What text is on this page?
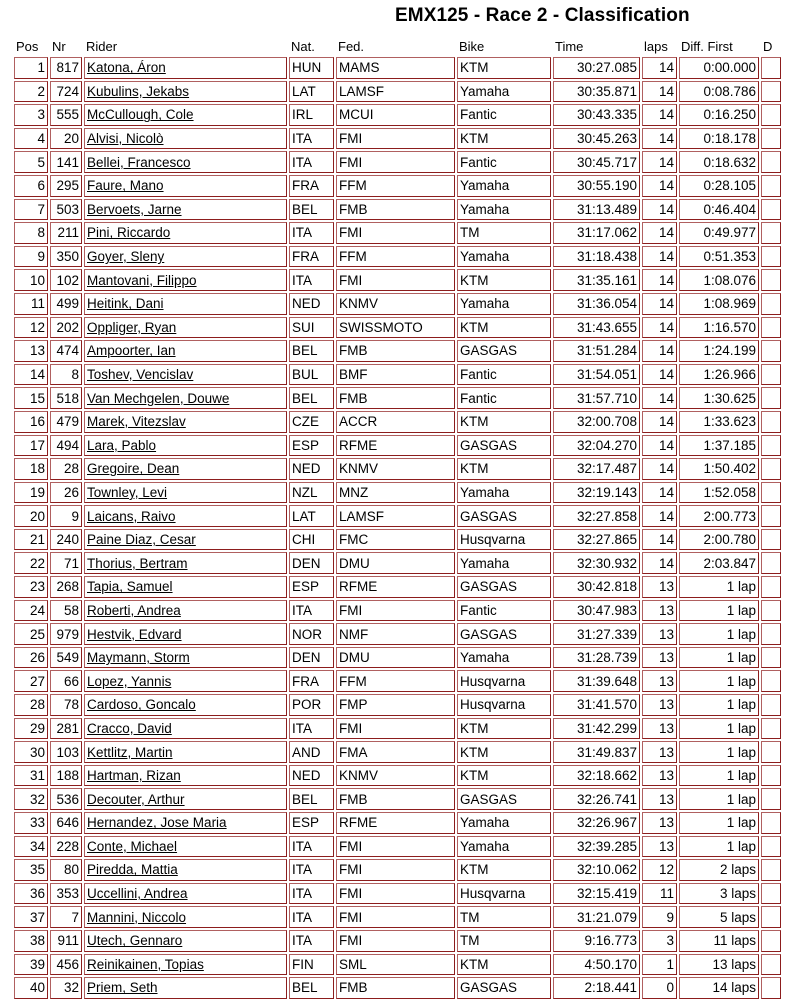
EMX125 - Race 2 - Classification
Pos	Nr	Rider	Nat.	Fed.	Bike	Time	laps	Diff. First	D
1	817	Katona, Áron	HUN	MAMS	KTM	30:27.085	14	0:00.000	
2	724	Kubulins, Jekabs	LAT	LAMSF	Yamaha	30:35.871	14	0:08.786	
3	555	McCullough, Cole	IRL	MCUI	Fantic	30:43.335	14	0:16.250	
4	20	Alvisi, Nicolò	ITA	FMI	KTM	30:45.263	14	0:18.178	
5	141	Bellei, Francesco	ITA	FMI	Fantic	30:45.717	14	0:18.632	
6	295	Faure, Mano	FRA	FFM	Yamaha	30:55.190	14	0:28.105	
7	503	Bervoets, Jarne	BEL	FMB	Yamaha	31:13.489	14	0:46.404	
8	211	Pini, Riccardo	ITA	FMI	TM	31:17.062	14	0:49.977	
9	350	Goyer, Sleny	FRA	FFM	Yamaha	31:18.438	14	0:51.353	
10	102	Mantovani, Filippo	ITA	FMI	KTM	31:35.161	14	1:08.076	
11	499	Heitink, Dani	NED	KNMV	Yamaha	31:36.054	14	1:08.969	
12	202	Oppliger, Ryan	SUI	SWISSMOTO	KTM	31:43.655	14	1:16.570	
13	474	Ampoorter, Ian	BEL	FMB	GASGAS	31:51.284	14	1:24.199	
14	8	Toshev, Vencislav	BUL	BMF	Fantic	31:54.051	14	1:26.966	
15	518	Van Mechgelen, Douwe	BEL	FMB	Fantic	31:57.710	14	1:30.625	
16	479	Marek, Vitezslav	CZE	ACCR	KTM	32:00.708	14	1:33.623	
17	494	Lara, Pablo	ESP	RFME	GASGAS	32:04.270	14	1:37.185	
18	28	Gregoire, Dean	NED	KNMV	KTM	32:17.487	14	1:50.402	
19	26	Townley, Levi	NZL	MNZ	Yamaha	32:19.143	14	1:52.058	
20	9	Laicans, Raivo	LAT	LAMSF	GASGAS	32:27.858	14	2:00.773	
21	240	Paine Diaz, Cesar	CHI	FMC	Husqvarna	32:27.865	14	2:00.780	
22	71	Thorius, Bertram	DEN	DMU	Yamaha	32:30.932	14	2:03.847	
23	268	Tapia, Samuel	ESP	RFME	GASGAS	30:42.818	13	1 lap	
24	58	Roberti, Andrea	ITA	FMI	Fantic	30:47.983	13	1 lap	
25	979	Hestvik, Edvard	NOR	NMF	GASGAS	31:27.339	13	1 lap	
26	549	Maymann, Storm	DEN	DMU	Yamaha	31:28.739	13	1 lap	
27	66	Lopez, Yannis	FRA	FFM	Husqvarna	31:39.648	13	1 lap	
28	78	Cardoso, Goncalo	POR	FMP	Husqvarna	31:41.570	13	1 lap	
29	281	Cracco, David	ITA	FMI	KTM	31:42.299	13	1 lap	
30	103	Kettlitz, Martin	AND	FMA	KTM	31:49.837	13	1 lap	
31	188	Hartman, Rizan	NED	KNMV	KTM	32:18.662	13	1 lap	
32	536	Decouter, Arthur	BEL	FMB	GASGAS	32:26.741	13	1 lap	
33	646	Hernandez, Jose Maria	ESP	RFME	Yamaha	32:26.967	13	1 lap	
34	228	Conte, Michael	ITA	FMI	Yamaha	32:39.285	13	1 lap	
35	80	Piredda, Mattia	ITA	FMI	KTM	32:10.062	12	2 laps	
36	353	Uccellini, Andrea	ITA	FMI	Husqvarna	32:15.419	11	3 laps	
37	7	Mannini, Niccolo	ITA	FMI	TM	31:21.079	9	5 laps	
38	911	Utech, Gennaro	ITA	FMI	TM	9:16.773	3	11 laps	
39	456	Reinikainen, Topias	FIN	SML	KTM	4:50.170	1	13 laps	
40	32	Priem, Seth	BEL	FMB	GASGAS	2:18.441	0	14 laps	
